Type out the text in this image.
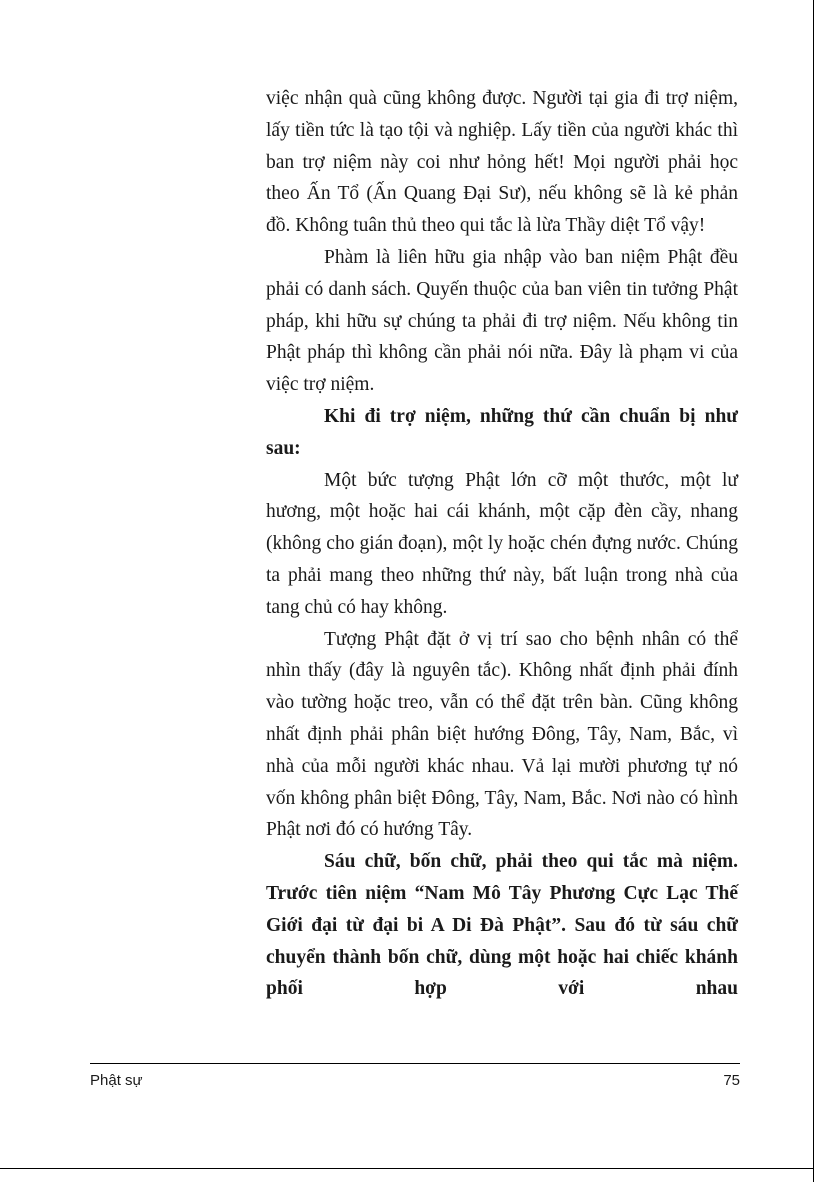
việc nhận quà cũng không được. Người tại gia đi trợ niệm, lấy tiền tức là tạo tội và nghiệp. Lấy tiền của người khác thì ban trợ niệm này coi như hỏng hết! Mọi người phải học theo Ấn Tổ (Ấn Quang Đại Sư), nếu không sẽ là kẻ phản đồ. Không tuân thủ theo qui tắc là lừa Thầy diệt Tổ vậy!

Phàm là liên hữu gia nhập vào ban niệm Phật đều phải có danh sách. Quyến thuộc của ban viên tin tưởng Phật pháp, khi hữu sự chúng ta phải đi trợ niệm. Nếu không tin Phật pháp thì không cần phải nói nữa. Đây là phạm vi của việc trợ niệm.

Khi đi trợ niệm, những thứ cần chuẩn bị như sau:

Một bức tượng Phật lớn cỡ một thước, một lư hương, một hoặc hai cái khánh, một cặp đèn cầy, nhang (không cho gián đoạn), một ly hoặc chén đựng nước. Chúng ta phải mang theo những thứ này, bất luận trong nhà của tang chủ có hay không.

Tượng Phật đặt ở vị trí sao cho bệnh nhân có thể nhìn thấy (đây là nguyên tắc). Không nhất định phải đính vào tường hoặc treo, vẫn có thể đặt trên bàn. Cũng không nhất định phải phân biệt hướng Đông, Tây, Nam, Bắc, vì nhà của mỗi người khác nhau. Vả lại mười phương tự nó vốn không phân biệt Đông, Tây, Nam, Bắc. Nơi nào có hình Phật nơi đó có hướng Tây.

Sáu chữ, bốn chữ, phải theo qui tắc mà niệm. Trước tiên niệm “Nam Mô Tây Phương Cực Lạc Thế Giới đại từ đại bi A Di Đà Phật”. Sau đó từ sáu chữ chuyển thành bốn chữ, dùng một hoặc hai chiếc khánh phối hợp với nhau

Phật sự	75
